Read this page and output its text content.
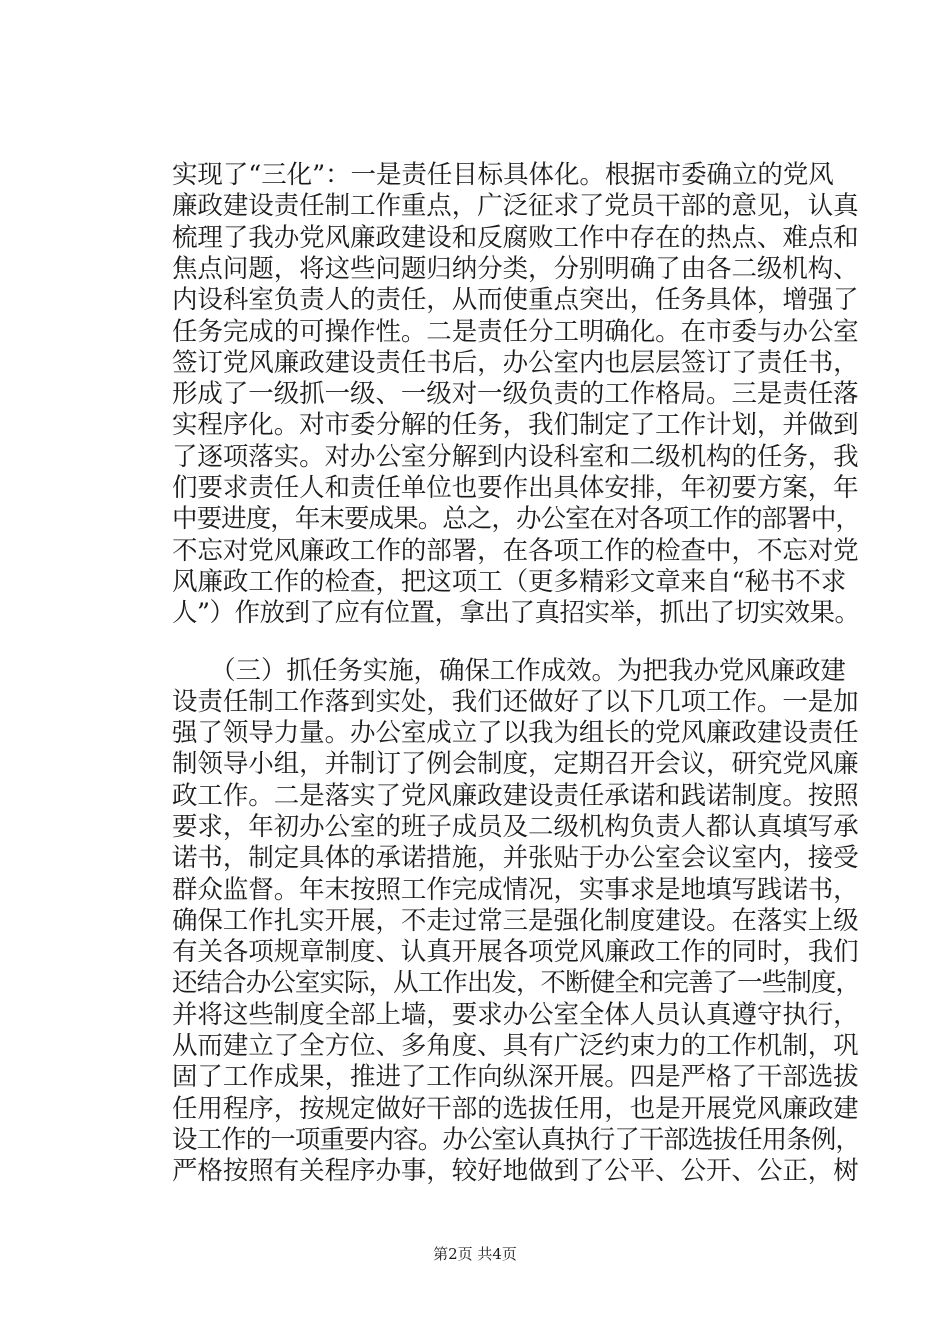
实现了“三化”：一是责任目标具体化。根据市委确立的党风
廉政建设责任制工作重点，广泛征求了党员干部的意见，认真
梳理了我办党风廉政建设和反腐败工作中存在的热点、难点和
焦点问题，将这些问题归纳分类，分别明确了由各二级机构、
内设科室负责人的责任，从而使重点突出，任务具体，增强了
任务完成的可操作性。二是责任分工明确化。在市委与办公室
签订党风廉政建设责任书后，办公室内也层层签订了责任书，
形成了一级抓一级、一级对一级负责的工作格局。三是责任落
实程序化。对市委分解的任务，我们制定了工作计划，并做到
了逐项落实。对办公室分解到内设科室和二级机构的任务，我
们要求责任人和责任单位也要作出具体安排，年初要方案，年
中要进度，年末要成果。总之，办公室在对各项工作的部署中，
不忘对党风廉政工作的部署，在各项工作的检查中，不忘对党
风廉政工作的检查，把这项工（更多精彩文章来自“秘书不求
人”）作放到了应有位置，拿出了真招实举，抓出了切实效果。
　　（三）抓任务实施，确保工作成效。为把我办党风廉政建
设责任制工作落到实处，我们还做好了以下几项工作。一是加
强了领导力量。办公室成立了以我为组长的党风廉政建设责任
制领导小组，并制订了例会制度，定期召开会议，研究党风廉
政工作。二是落实了党风廉政建设责任承诺和践诺制度。按照
要求，年初办公室的班子成员及二级机构负责人都认真填写承
诺书，制定具体的承诺措施，并张贴于办公室会议室内，接受
群众监督。年末按照工作完成情况，实事求是地填写践诺书，
确保工作扎实开展，不走过常三是强化制度建设。在落实上级
有关各项规章制度、认真开展各项党风廉政工作的同时，我们
还结合办公室实际，从工作出发，不断健全和完善了一些制度，
并将这些制度全部上墙，要求办公室全体人员认真遵守执行，
从而建立了全方位、多角度、具有广泛约束力的工作机制，巩
固了工作成果，推进了工作向纵深开展。四是严格了干部选拔
任用程序，按规定做好干部的选拔任用，也是开展党风廉政建
设工作的一项重要内容。办公室认真执行了干部选拔任用条例，
严格按照有关程序办事，较好地做到了公平、公开、公正，树
第2页 共4页
